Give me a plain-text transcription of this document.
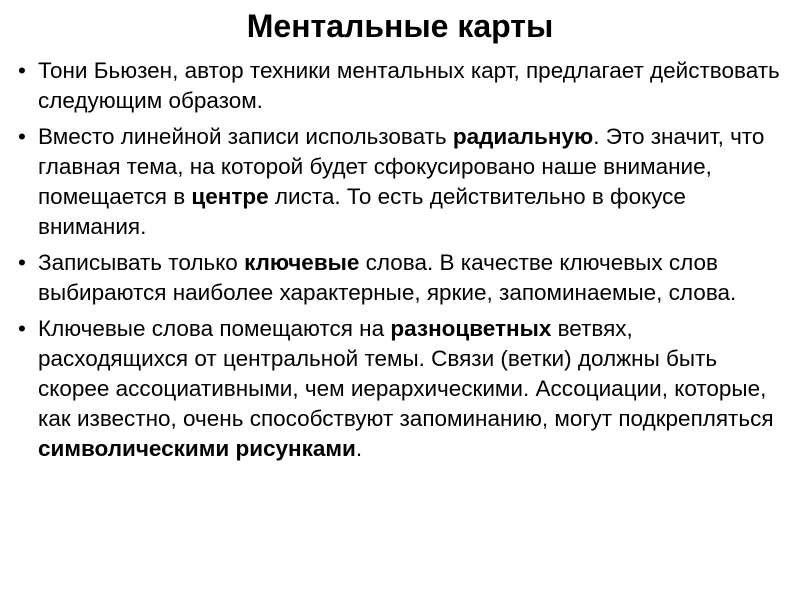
Ментальные карты
• Тони Бьюзен, автор техники ментальных карт, предлагает действовать следующим образом.
• Вместо линейной записи использовать радиальную. Это значит, что главная тема, на которой будет сфокусировано наше внимание, помещается в центре листа. То есть действительно в фокусе внимания.
• Записывать только ключевые слова. В качестве ключевых слов выбираются наиболее характерные, яркие, запоминаемые, слова.
• Ключевые слова помещаются на разноцветных ветвях, расходящихся от центральной темы. Связи (ветки) должны быть скорее ассоциативными, чем иерархическими. Ассоциации, которые, как известно, очень способствуют запоминанию, могут подкрепляться символическими рисунками.
